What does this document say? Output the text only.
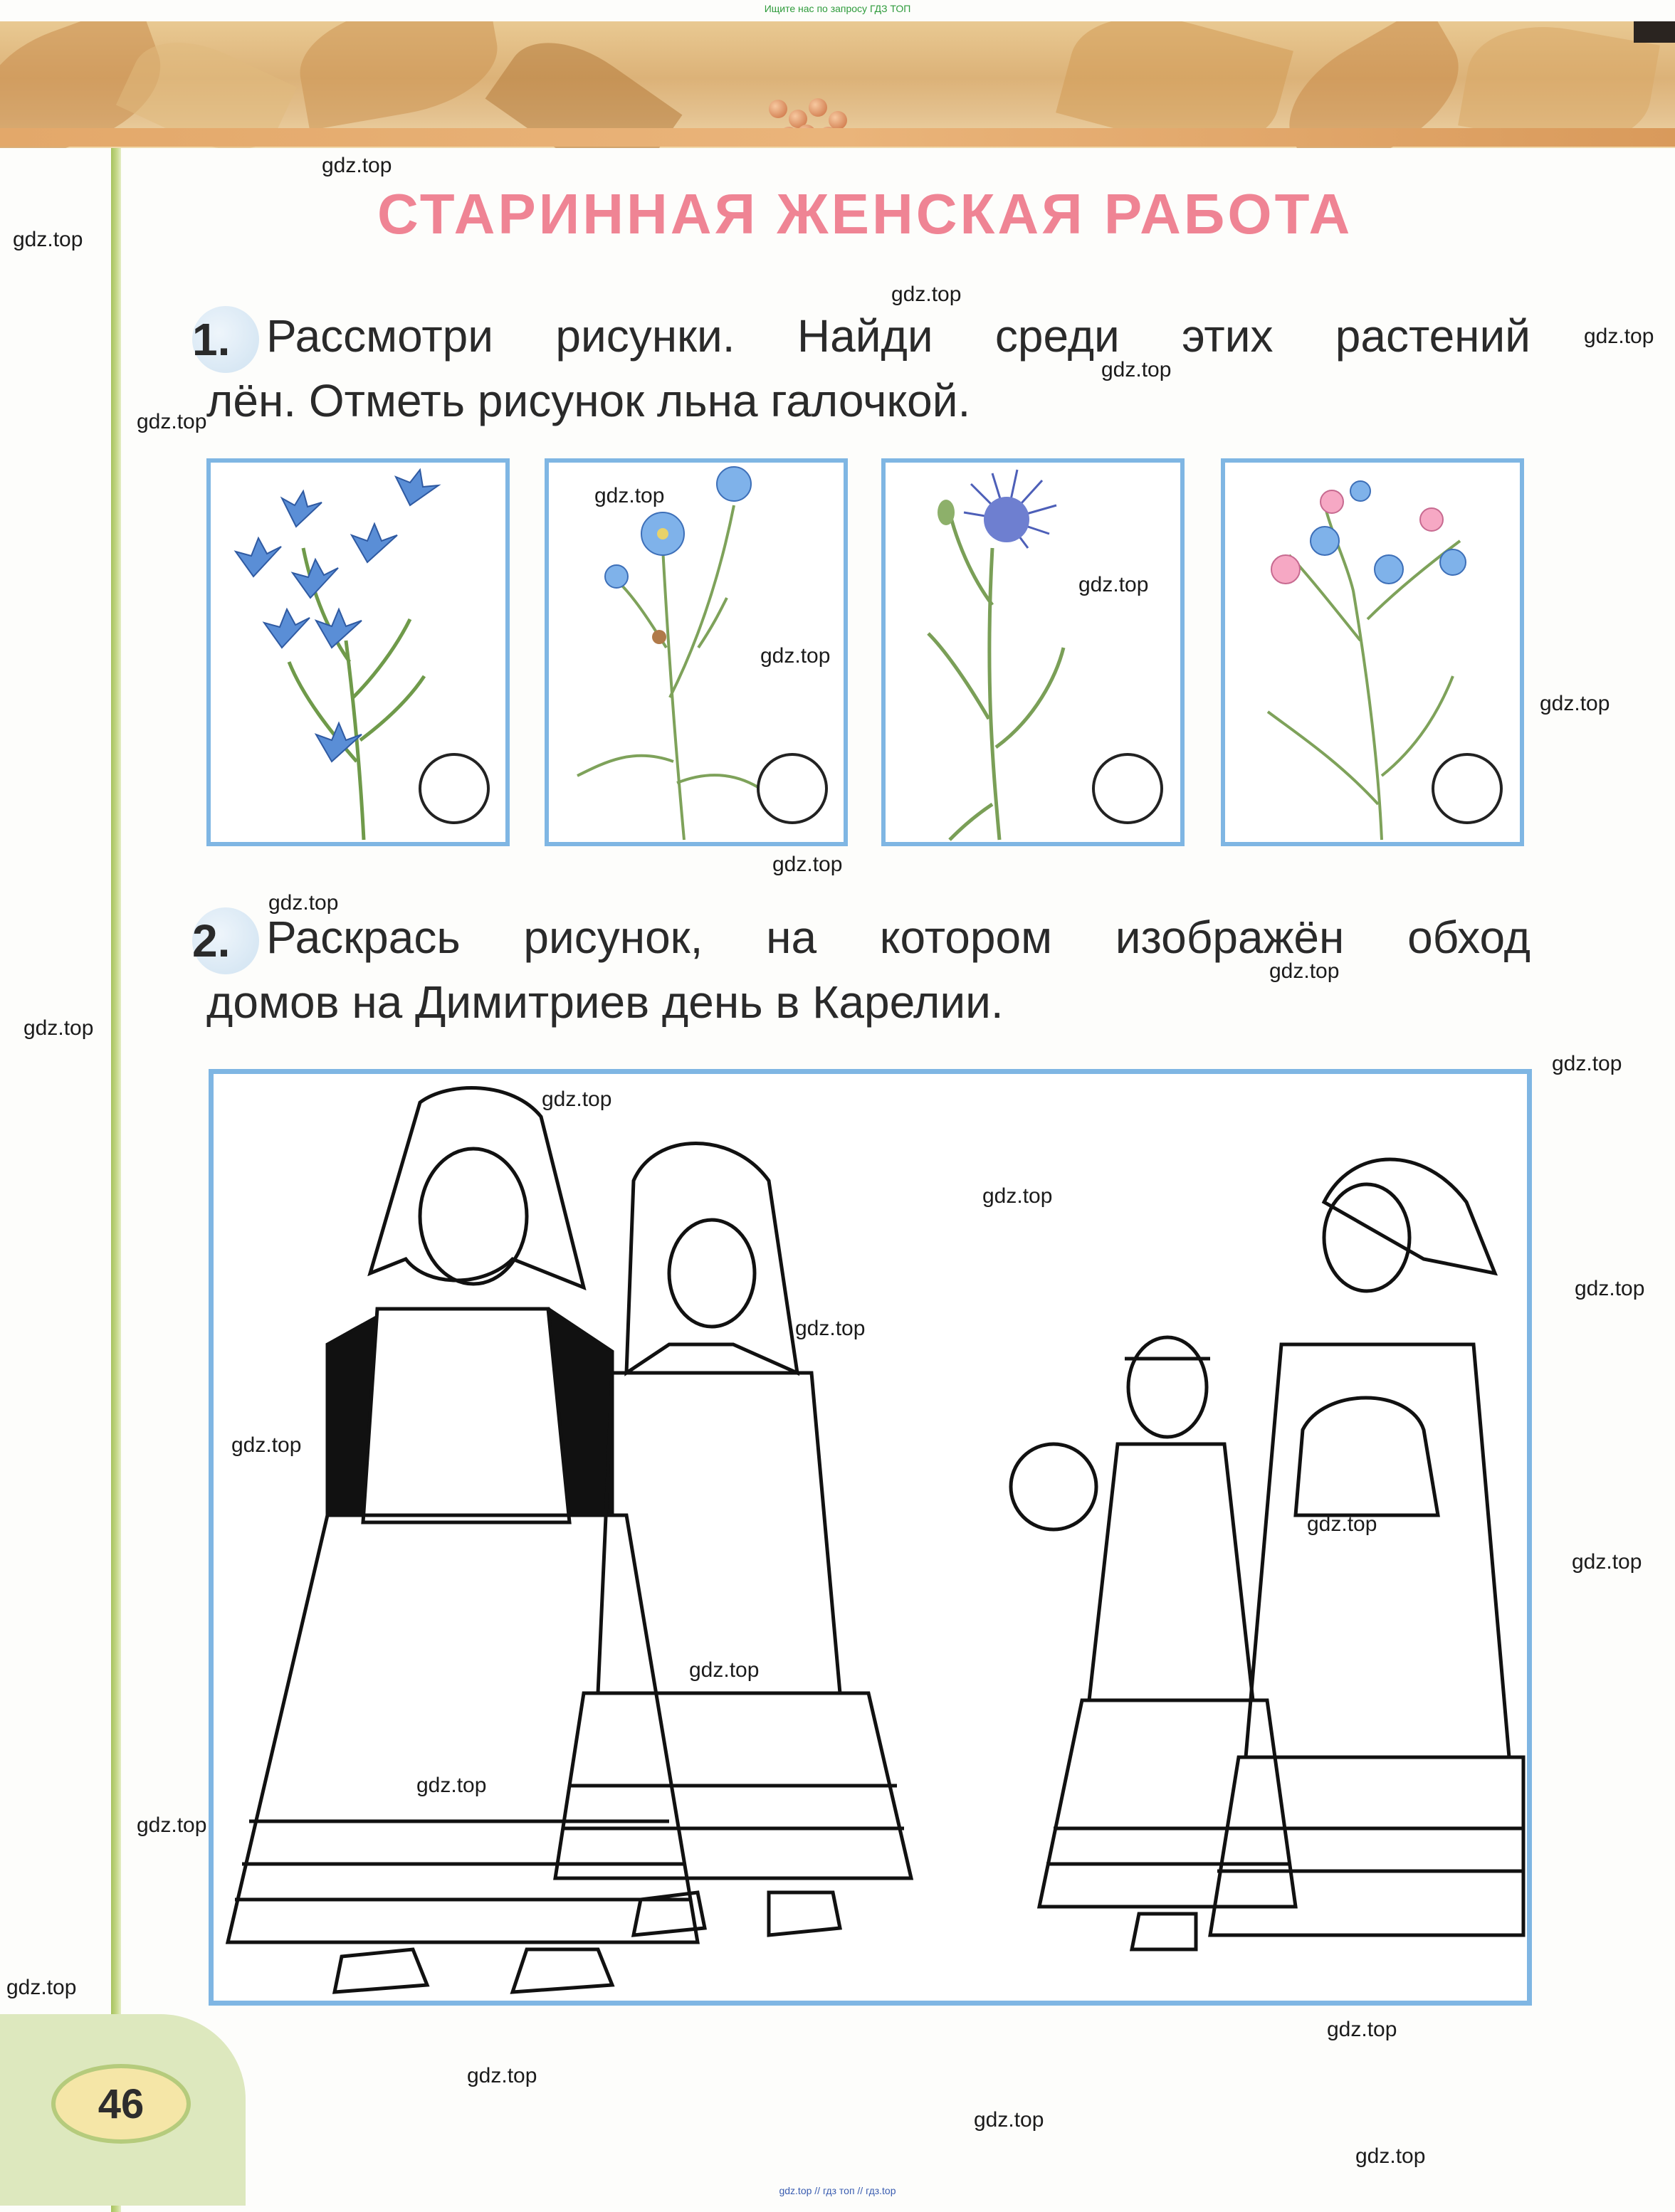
Ищите нас по запросу ГДЗ ТОП
СТАРИННАЯ ЖЕНСКАЯ РАБОТА
1. Рассмотри рисунки. Найди среди этих растений
лён. Отметь рисунок льна галочкой.
2. Раскрась рисунок, на котором изображён обход
домов на Димитриев день в Карелии.
46
gdz.top
gdz.top
gdz.top
gdz.top
gdz.top
gdz.top
gdz.top
gdz.top
gdz.top
gdz.top
gdz.top
gdz.top
gdz.top
gdz.top
gdz.top
gdz.top
gdz.top
gdz.top
gdz.top
gdz.top
gdz.top
gdz.top
gdz.top
gdz.top
gdz.top
gdz.top
gdz.top
gdz.top
gdz.top
gdz.top
gdz.top // гдз топ // гдз.top
